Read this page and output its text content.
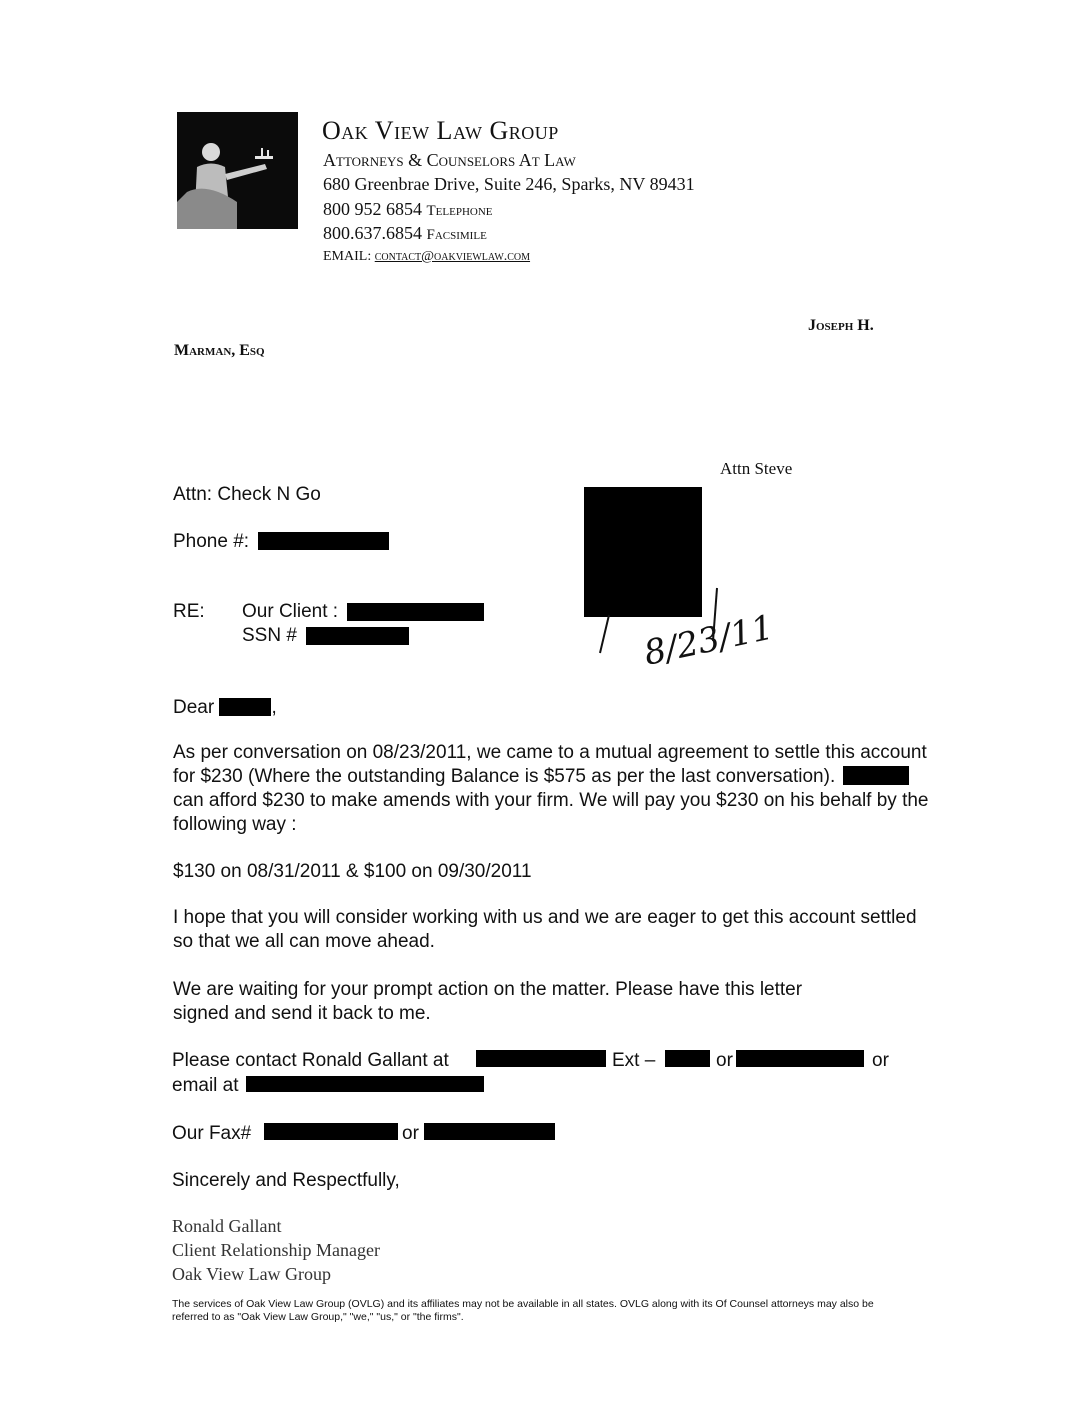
Oak View Law Group
Attorneys & Counselors At Law
680 Greenbrae Drive, Suite 246, Sparks, NV 89431
800 952 6854 Telephone
800.637.6854 Facsimile
EMAIL: contact@oakviewlaw.com
Joseph H.
Marman, Esq
Attn Steve
Attn: Check N Go
Phone #:
RE: Our Client :
SSN #	8/23/11
Dear	,
As per conversation on 08/23/2011, we came to a mutual agreement to settle this account for $230 (Where the outstanding Balance is $575 as per the last conversation).  can afford $230 to make amends with your firm. We will pay you $230 on his behalf by the following way :
$130 on 08/31/2011 & $100 on 09/30/2011
I hope that you will consider working with us and we are eager to get this account settled so that we all can move ahead.
We are waiting for your prompt action on the matter. Please have this letter
signed and send it back to me.
Please contact Ronald Gallant at	Ext –	or	or
email at
Our Fax#	or
Sincerely and Respectfully,
Ronald Gallant
Client Relationship Manager
Oak View Law Group
The services of Oak View Law Group (OVLG) and its affiliates may not be available in all states. OVLG along with its Of Counsel attorneys may also be referred to as "Oak View Law Group," "we," "us," or "the firms".
